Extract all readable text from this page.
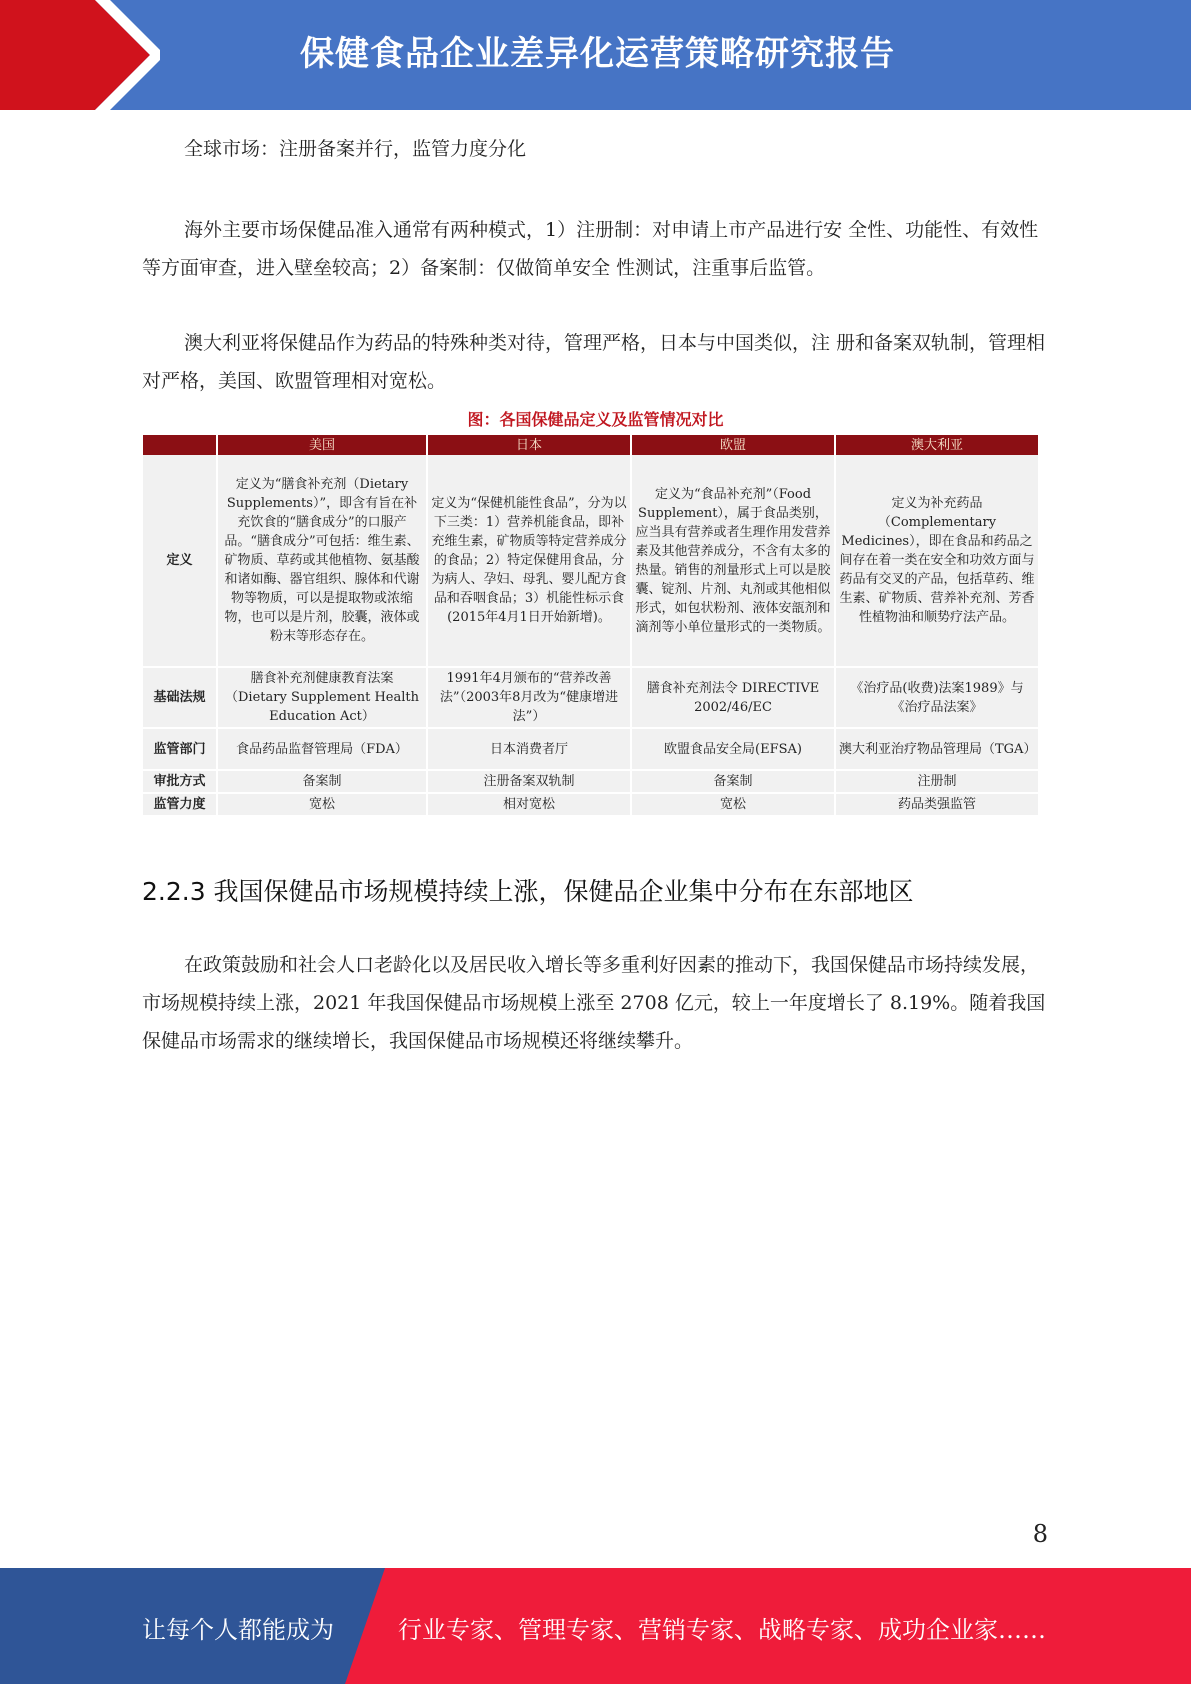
保健食品企业差异化运营策略研究报告
全球市场：注册备案并行，监管力度分化
海外主要市场保健品准入通常有两种模式，1）注册制：对申请上市产品进行安 全性、功能性、有效性等方面审查，进入壁垒较高；2）备案制：仅做简单安全 性测试，注重事后监管。
澳大利亚将保健品作为药品的特殊种类对待，管理严格，日本与中国类似，注 册和备案双轨制，管理相对严格，美国、欧盟管理相对宽松。
图：各国保健品定义及监管情况对比
	美国	日本	欧盟	澳大利亚
定义	定义为“膳食补充剂（Dietary Supplements）”，即含有旨在补充饮食的“膳食成分”的口服产品。“膳食成分”可包括：维生素、矿物质、草药或其他植物、氨基酸和诸如酶、器官组织、腺体和代谢物等物质，可以是提取物或浓缩物，也可以是片剂，胶囊，液体或粉末等形态存在。	定义为“保健机能性食品”，分为以下三类：1）营养机能食品，即补充维生素，矿物质等特定营养成分的食品；2）特定保健用食品，分为病人、孕妇、母乳、婴儿配方食品和吞咽食品；3）机能性标示食(2015年4月1日开始新增)。	定义为“食品补充剂”（Food Supplement），属于食品类别，应当具有营养或者生理作用发营养素及其他营养成分，不含有太多的热量。销售的剂量形式上可以是胶囊、锭剂、片剂、丸剂或其他相似形式，如包状粉剂、液体安瓿剂和滴剂等小单位量形式的一类物质。	定义为补充药品（Complementary Medicines），即在食品和药品之间存在着一类在安全和功效方面与药品有交叉的产品，包括草药、维生素、矿物质、营养补充剂、芳香性植物油和顺势疗法产品。
基础法规	膳食补充剂健康教育法案（Dietary Supplement Health Education Act）	1991年4月颁布的“营养改善法”（2003年8月改为“健康增进法”）	膳食补充剂法令 DIRECTIVE 2002/46/EC	《治疗品(收费)法案1989》与《治疗品法案》
监管部门	食品药品监督管理局（FDA）	日本消费者厅	欧盟食品安全局(EFSA)	澳大利亚治疗物品管理局（TGA）
审批方式	备案制	注册备案双轨制	备案制	注册制
监管力度	宽松	相对宽松	宽松	药品类强监管
2.2.3 我国保健品市场规模持续上涨，保健品企业集中分布在东部地区
在政策鼓励和社会人口老龄化以及居民收入增长等多重利好因素的推动下，我国保健品市场持续发展，市场规模持续上涨，2021 年我国保健品市场规模上涨至 2708 亿元，较上一年度增长了 8.19%。随着我国保健品市场需求的继续增长，我国保健品市场规模还将继续攀升。
8
让每个人都能成为	行业专家、管理专家、营销专家、战略专家、成功企业家……
